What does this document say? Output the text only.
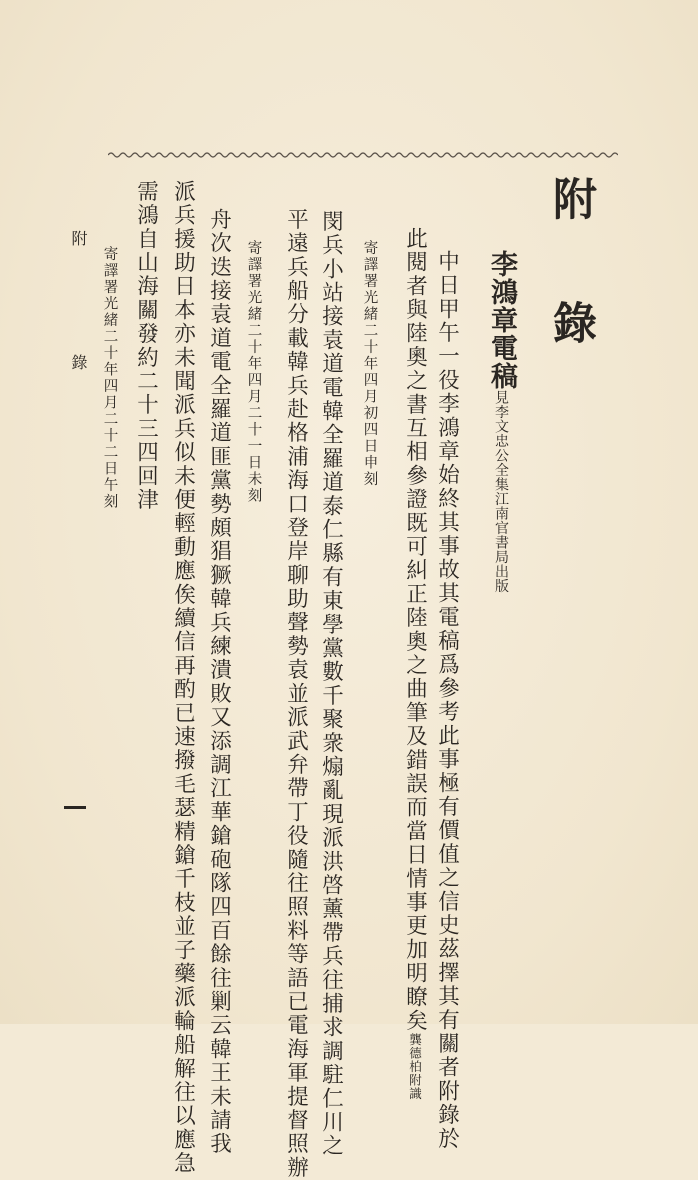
附　錄
李鴻章電稿見李文忠公全集江南官書局出版
中日甲午一役李鴻章始終其事故其電稿爲參考此事極有價值之信史茲擇其有關者附錄於
此閱者與陸奧之書互相參證既可糾正陸奧之曲筆及錯誤而當日情事更加明瞭矣龔德柏附識
寄譯署光緒二十年四月初四日申刻
閔兵小站接袁道電韓全羅道泰仁縣有東學黨數千聚衆煽亂現派洪啓薰帶兵往捕求調駐仁川之
平遠兵船分載韓兵赴格浦海口登岸聊助聲勢袁並派武弁帶丁役隨往照料等語已電海軍提督照辦
寄譯署光緒二十年四月二十一日未刻
舟次迭接袁道電全羅道匪黨勢頗猖獗韓兵練潰敗又添調江華鎗砲隊四百餘往剿云韓王未請我
派兵援助日本亦未聞派兵似未便輕動應俟續信再酌已速撥毛瑟精鎗千枝並子藥派輪船解往以應急
需鴻自山海關發約二十三四回津
寄譯署光緒二十年四月二十二日午刻
附　錄
